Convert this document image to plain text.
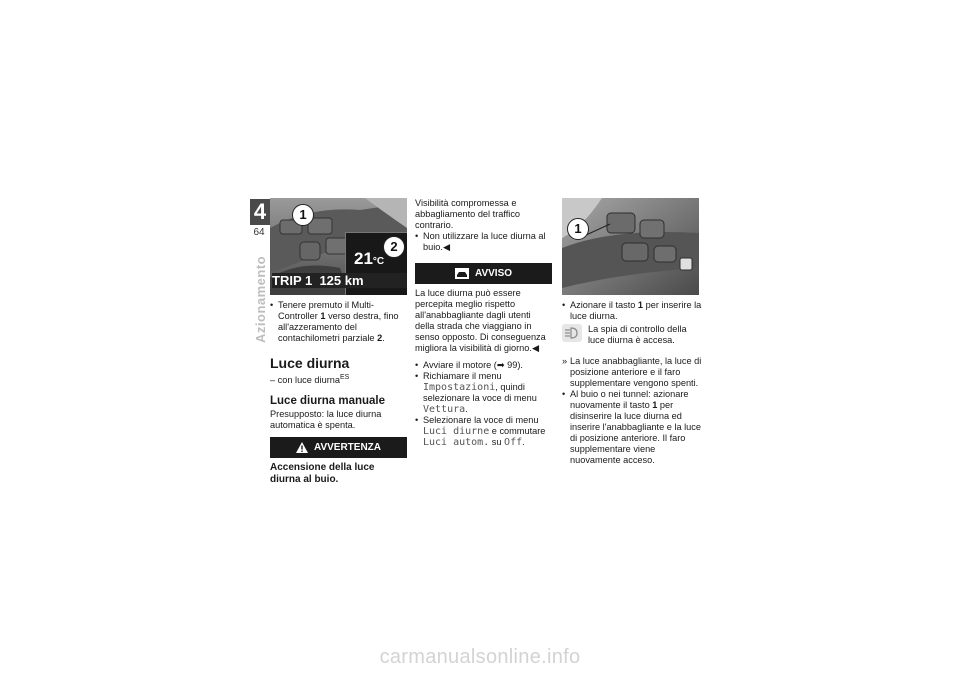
4
64
Azionamento	21°C
TRIP 1  125 km
1
2

• Tenere premuto il Multi-Controller 1 verso destra, fino all'azzeramento del contachilometri parziale 2.

Luce diurna

– con luce diurna$^{ES}$

Luce diurna manuale

Presupposto: la luce diurna automatica è spenta.

AVVERTENZA

Accensione della luce diurna al buio.

Visibilità compromessa e abbagliamento del traffico contrario.

• Non utilizzare la luce diurna al buio.◀

AVVISO

La luce diurna può essere percepita meglio rispetto all'anabbagliante dagli utenti della strada che viaggiano in senso opposto. Di conseguenza migliora la visibilità di giorno.◀

• Avviare il motore (➡ 99).

• Richiamare il menu Impostazioni, quindi selezionare la voce di menu Vettura.

• Selezionare la voce di menu Luci diurne e commutare Luci autom. su Off.

1

• Azionare il tasto 1 per inserire la luce diurna.

La spia di controllo della luce diurna è accesa.

» La luce anabbagliante, la luce di posizione anteriore e il faro supplementare vengono spenti.

• Al buio o nei tunnel: azionare nuovamente il tasto 1 per disinserire la luce diurna ed inserire l'anabbagliante e la luce di posizione anteriore. Il faro supplementare viene nuovamente acceso.

carmanualsonline.info
